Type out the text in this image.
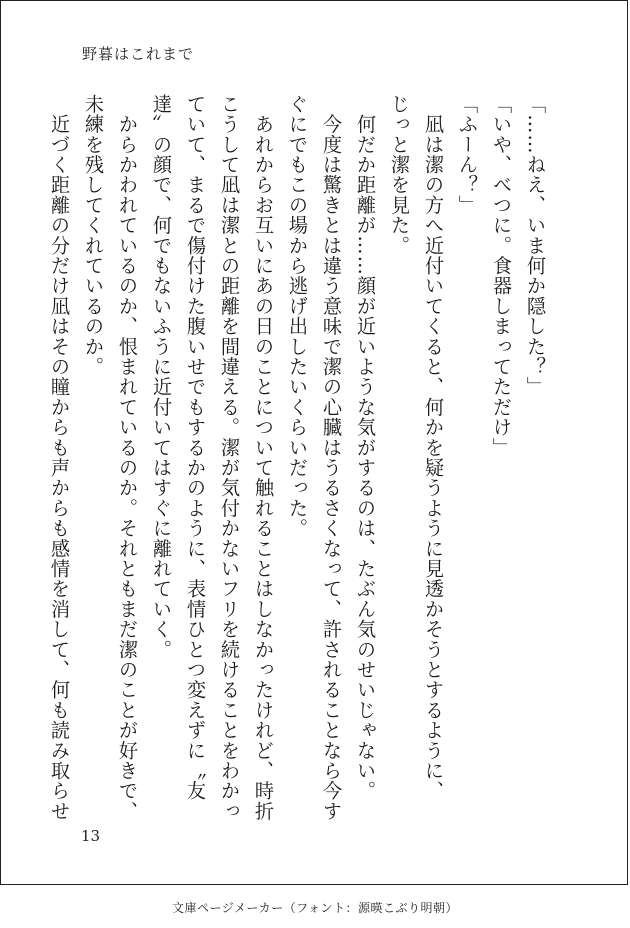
野暮はこれまで
「……ねえ、いま何か隠した？」
「いや、べつに。食器しまってただけ」
「ふーん？」
　凪は潔の方へ近付いてくると、何かを疑うように見透かそうとするように、
じっと潔を見た。
　何だか距離が……顔が近いような気がするのは、たぶん気のせいじゃない。
　今度は驚きとは違う意味で潔の心臓はうるさくなって、許されることなら今す
ぐにでもこの場から逃げ出したいくらいだった。
　あれからお互いにあの日のことについて触れることはしなかったけれど、時折
こうして凪は潔との距離を間違える。潔が気付かないフリを続けることをわかっ
ていて、まるで傷付けた腹いせでもするかのように、表情ひとつ変えずに〝友
達〟の顔で、何でもないふうに近付いてはすぐに離れていく。
　からかわれているのか、恨まれているのか。それともまだ潔のことが好きで、
未練を残してくれているのか。
　近づく距離の分だけ凪はその瞳からも声からも感情を消して、何も読み取らせ
13
文庫ページメーカー（フォント：源暎こぶり明朝）
